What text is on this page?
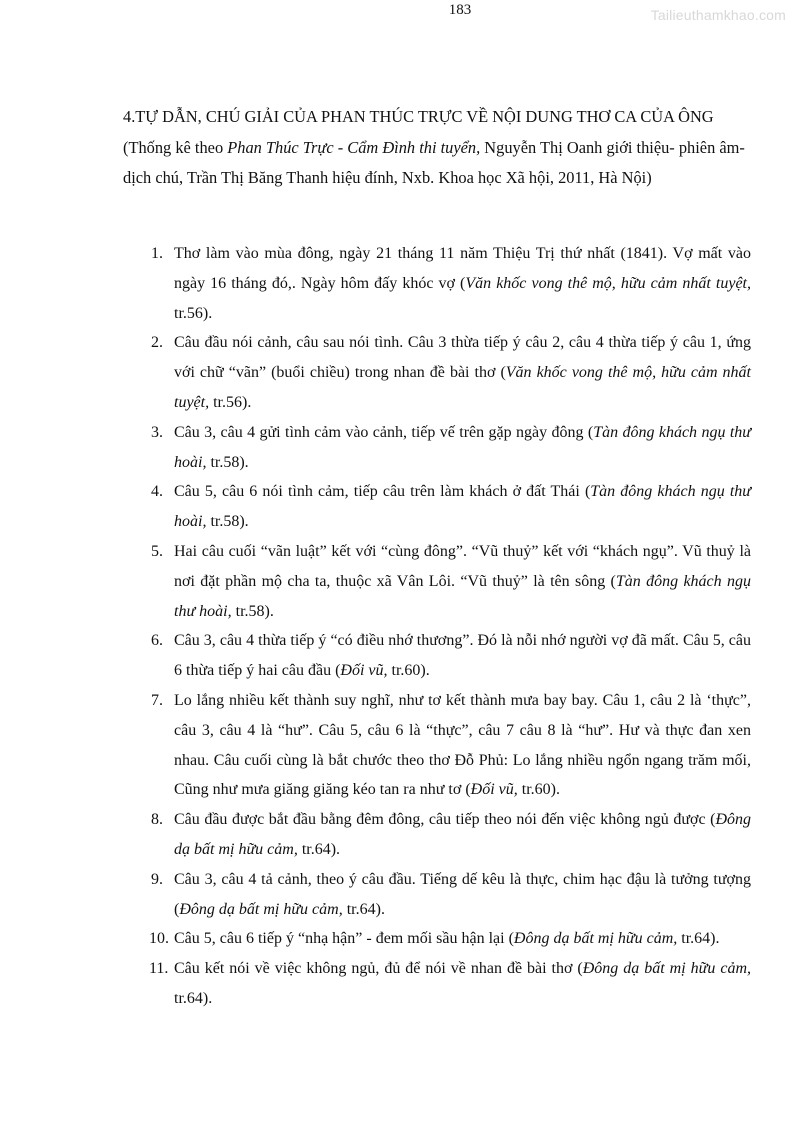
183	Tailieuthamkhao.com
4.TỰ DẪN, CHÚ GIẢI CỦA PHAN THÚC TRỰC VỀ NỘI DUNG THƠ CA CỦA ÔNG (Thống kê theo Phan Thúc Trực - Cẩm Đình thi tuyển, Nguyễn Thị Oanh giới thiệu- phiên âm- dịch chú, Trần Thị Băng Thanh hiệu đính, Nxb. Khoa học Xã hội, 2011, Hà Nội)
1. Thơ làm vào mùa đông, ngày 21 tháng 11 năm Thiệu Trị thứ nhất (1841). Vợ mất vào ngày 16 tháng đó,. Ngày hôm đấy khóc vợ (Văn khốc vong thê mộ, hữu cảm nhất tuyệt, tr.56).
2. Câu đầu nói cảnh, câu sau nói tình. Câu 3 thừa tiếp ý câu 2, câu 4 thừa tiếp ý câu 1, ứng với chữ “vãn” (buổi chiều) trong nhan đề bài thơ (Văn khốc vong thê mộ, hữu cảm nhất tuyệt, tr.56).
3. Câu 3, câu 4 gửi tình cảm vào cảnh, tiếp vế trên gặp ngày đông (Tàn đông khách ngụ thư hoài, tr.58).
4. Câu 5, câu 6 nói tình cảm, tiếp câu trên làm khách ở đất Thái (Tàn đông khách ngụ thư hoài, tr.58).
5. Hai câu cuối “vãn luật” kết với “cùng đông”. “Vũ thuỷ” kết với “khách ngụ”. Vũ thuỷ là nơi đặt phần mộ cha ta, thuộc xã Vân Lôi. “Vũ thuỷ” là tên sông (Tàn đông khách ngụ thư hoài, tr.58).
6. Câu 3, câu 4 thừa tiếp ý “có điều nhớ thương”. Đó là nỗi nhớ người vợ đã mất. Câu 5, câu 6 thừa tiếp ý hai câu đầu (Đối vũ, tr.60).
7. Lo lắng nhiều kết thành suy nghĩ, như tơ kết thành mưa bay bay. Câu 1, câu 2 là ‘thực”, câu 3, câu 4 là “hư”. Câu 5, câu 6 là “thực”, câu 7 câu 8 là “hư”. Hư và thực đan xen nhau. Câu cuối cùng là bắt chước theo thơ Đỗ Phủ: Lo lắng nhiều ngổn ngang trăm mối, Cũng như mưa giăng giăng kéo tan ra như tơ (Đối vũ, tr.60).
8. Câu đầu được bắt đầu bằng đêm đông, câu tiếp theo nói đến việc không ngủ được (Đông dạ bất mị hữu cảm, tr.64).
9. Câu 3, câu 4 tả cảnh, theo ý câu đầu. Tiếng dế kêu là thực, chim hạc đậu là tưởng tượng (Đông dạ bất mị hữu cảm, tr.64).
10. Câu 5, câu 6 tiếp ý “nhạ hận” - đem mối sầu hận lại (Đông dạ bất mị hữu cảm, tr.64).
11. Câu kết nói về việc không ngủ, đủ để nói về nhan đề bài thơ (Đông dạ bất mị hữu cảm, tr.64).
